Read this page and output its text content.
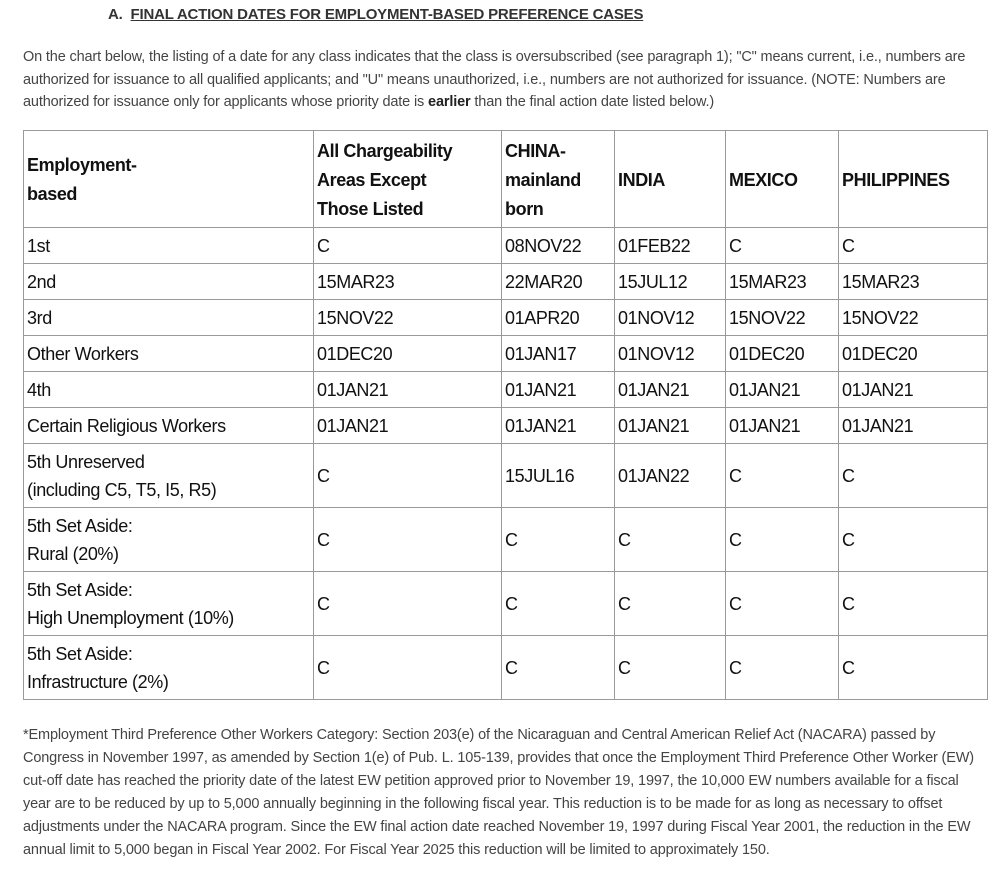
A. FINAL ACTION DATES FOR EMPLOYMENT-BASED PREFERENCE CASES
On the chart below, the listing of a date for any class indicates that the class is oversubscribed (see paragraph 1); "C" means current, i.e., numbers are authorized for issuance to all qualified applicants; and "U" means unauthorized, i.e., numbers are not authorized for issuance. (NOTE: Numbers are authorized for issuance only for applicants whose priority date is earlier than the final action date listed below.)
Employment-
based	All Chargeability
Areas Except
Those Listed	CHINA-
mainland
born	INDIA	MEXICO	PHILIPPINES

1st	C	08NOV22	01FEB22	C	C

2nd	15MAR23	22MAR20	15JUL12	15MAR23	15MAR23

3rd	15NOV22	01APR20	01NOV12	15NOV22	15NOV22

Other Workers	01DEC20	01JAN17	01NOV12	01DEC20	01DEC20

4th	01JAN21	01JAN21	01JAN21	01JAN21	01JAN21

Certain Religious Workers	01JAN21	01JAN21	01JAN21	01JAN21	01JAN21

5th Unreserved
(including C5, T5, I5, R5)	C	15JUL16	01JAN22	C	C

5th Set Aside:
Rural (20%)	C	C	C	C	C

5th Set Aside:
High Unemployment (10%)	C	C	C	C	C

5th Set Aside:
Infrastructure (2%)	C	C	C	C	C
*Employment Third Preference Other Workers Category: Section 203(e) of the Nicaraguan and Central American Relief Act (NACARA) passed by Congress in November 1997, as amended by Section 1(e) of Pub. L. 105-139, provides that once the Employment Third Preference Other Worker (EW) cut-off date has reached the priority date of the latest EW petition approved prior to November 19, 1997, the 10,000 EW numbers available for a fiscal year are to be reduced by up to 5,000 annually beginning in the following fiscal year. This reduction is to be made for as long as necessary to offset adjustments under the NACARA program. Since the EW final action date reached November 19, 1997 during Fiscal Year 2001, the reduction in the EW annual limit to 5,000 began in Fiscal Year 2002. For Fiscal Year 2025 this reduction will be limited to approximately 150.
